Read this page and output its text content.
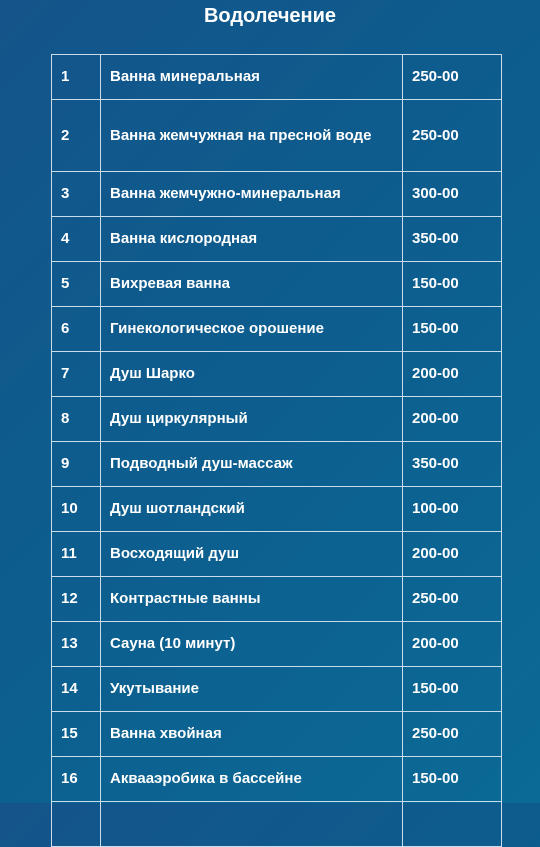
Водолечение
1	Ванна минеральная	250-00
2	Ванна жемчужная на пресной воде	250-00
3	Ванна жемчужно-минеральная	300-00
4	Ванна кислородная	350-00
5	Вихревая ванна	150-00
6	Гинекологическое орошение	150-00
7	Душ Шарко	200-00
8	Душ циркулярный	200-00
9	Подводный душ-массаж	350-00
10	Душ шотландский	100-00
11	Восходящий душ	200-00
12	Контрастные ванны	250-00
13	Сауна (10 минут)	200-00
14	Укутывание	150-00
15	Ванна хвойная	250-00
16	Аквааэробика в бассейне	150-00
